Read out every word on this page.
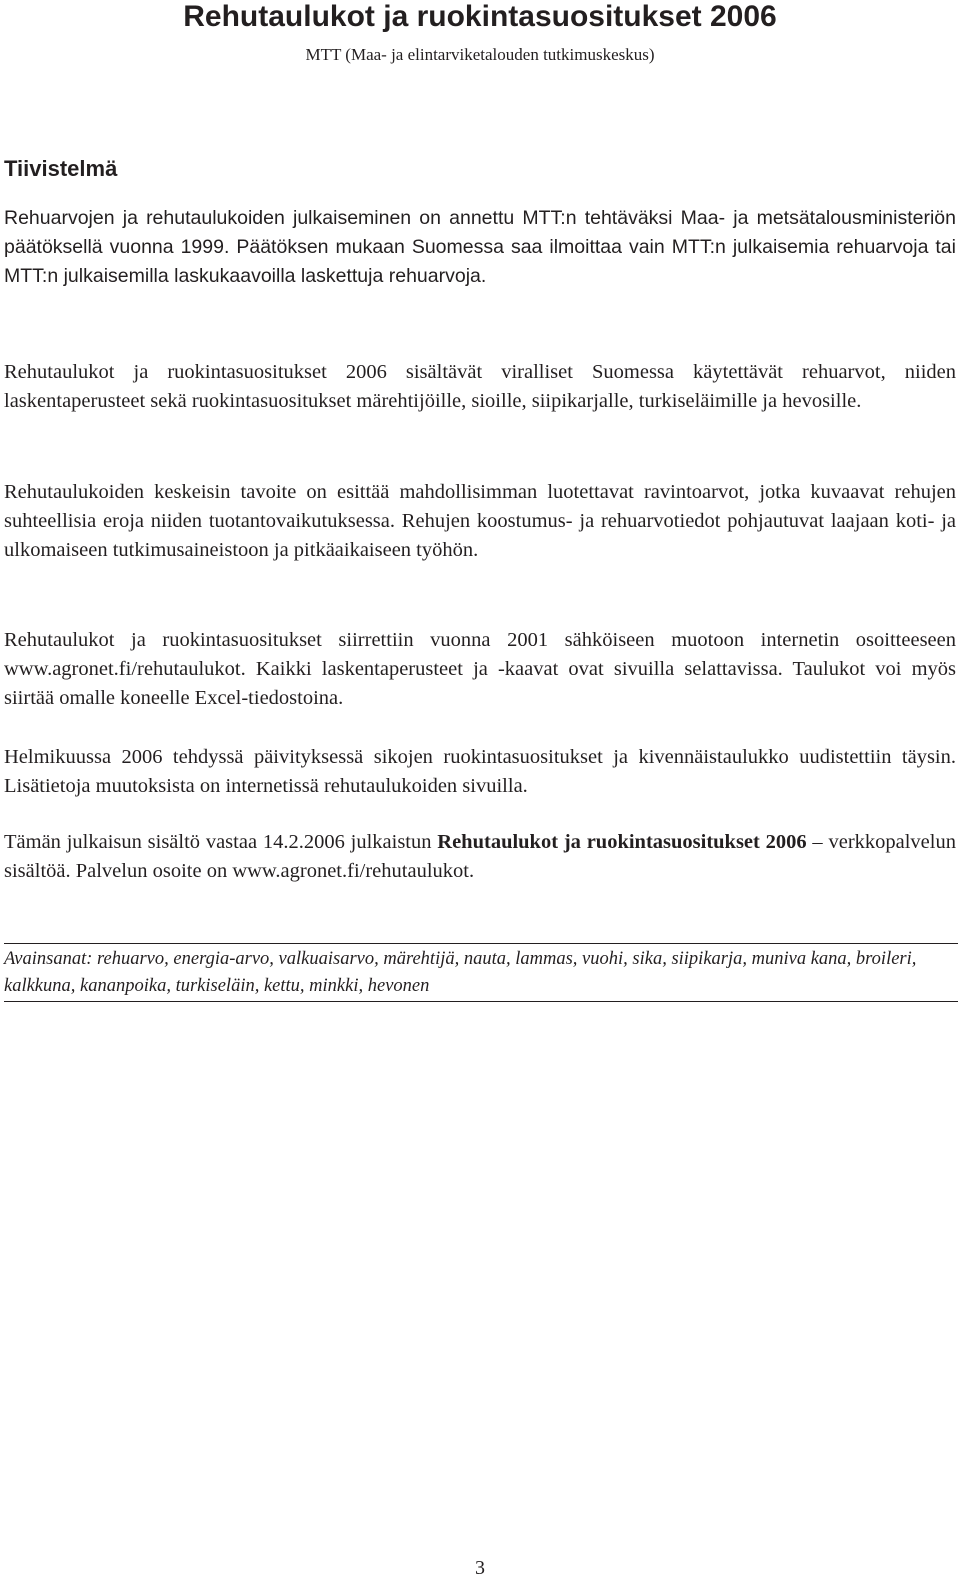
Rehutaulukot ja ruokintasuositukset 2006
MTT (Maa- ja elintarviketalouden tutkimuskeskus)
Tiivistelmä

Rehuarvojen ja rehutaulukoiden julkaiseminen on annettu MTT:n tehtäväksi Maa- ja metsätalousministeriön päätöksellä vuonna 1999. Päätöksen mukaan Suomessa saa ilmoittaa vain MTT:n julkaisemia rehuarvoja tai MTT:n julkaisemilla laskukaavoilla laskettuja rehuarvoja.

Rehutaulukot ja ruokintasuositukset 2006 sisältävät viralliset Suomessa käytettävät rehuarvot, niiden laskentaperusteet sekä ruokintasuositukset märehtijöille, sioille, siipikarjalle, turkiseläimille ja hevosille.

Rehutaulukoiden keskeisin tavoite on esittää mahdollisimman luotettavat ravintoarvot, jotka kuvaavat rehujen suhteellisia eroja niiden tuotantovaikutuksessa. Rehujen koostumus- ja rehuarvotiedot pohjautuvat laajaan koti- ja ulkomaiseen tutkimusaineistoon ja pitkäaikaiseen työhön.

Rehutaulukot ja ruokintasuositukset siirrettiin vuonna 2001 sähköiseen muotoon internetin osoitteeseen www.agronet.fi/rehutaulukot. Kaikki laskentaperusteet ja -kaavat ovat sivuilla selattavissa. Taulukot voi myös siirtää omalle koneelle Excel-tiedostoina.

Helmikuussa 2006 tehdyssä päivityksessä sikojen ruokintasuositukset ja kivennäistaulukko uudistettiin täysin. Lisätietoja muutoksista on internetissä rehutaulukoiden sivuilla.

Tämän julkaisun sisältö vastaa 14.2.2006 julkaistun Rehutaulukot ja ruokintasuositukset 2006 – verkkopalvelun sisältöä. Palvelun osoite on www.agronet.fi/rehutaulukot.

Avainsanat: rehuarvo, energia-arvo, valkuaisarvo, märehtijä, nauta, lammas, vuohi, sika, siipikarja, muniva kana, broileri, kalkkuna, kananpoika, turkiseläin, kettu, minkki, hevonen

3
